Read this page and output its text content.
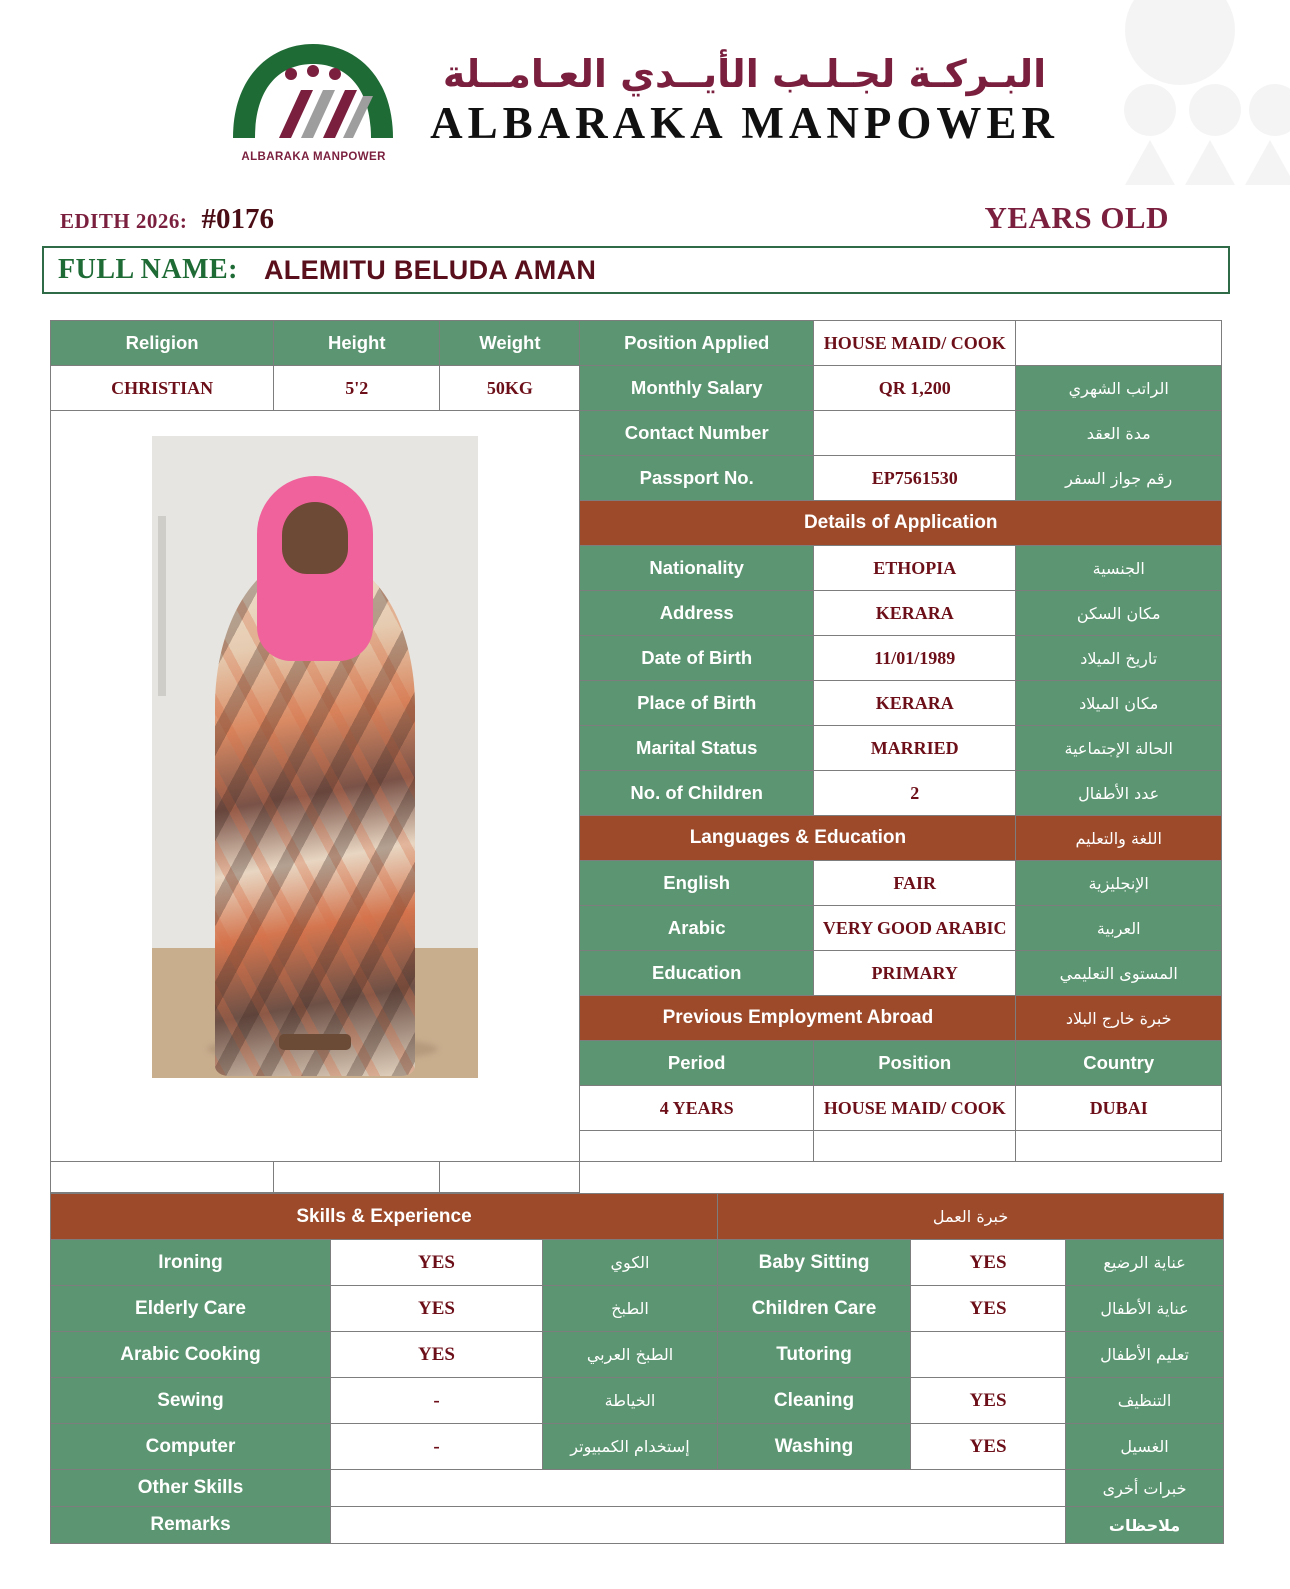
ALBARAKA MANPOWER
البـركـة لجـلـب الأيــدي العـامــلة
ALBARAKA MANPOWER
EDITH 2026: #0176	YEARS OLD
FULL NAME: ALEMITU BELUDA AMAN
Religion	Height	Weight	Position Applied	HOUSE MAID/ COOK	
CHRISTIAN	5'2	50KG	Monthly Salary	QR 1,200	الراتب الشهري

			Contact Number		مدة العقد
			Passport No.	EP7561530	رقم جواز السفر
			Details of Application		
			Nationality	ETHOPIA	الجنسية
			Address	KERARA	مكان السكن
			Date of Birth	11/01/1989	تاريخ الميلاد
			Place of Birth	KERARA	مكان الميلاد
			Marital Status	MARRIED	الحالة الإجتماعية
			No. of Children	2	عدد الأطفال
			Languages & Education		اللغة والتعليم
			English	FAIR	الإنجليزية
			Arabic	VERY GOOD ARABIC	العربية
			Education	PRIMARY	المستوى التعليمي
			Previous Employment Abroad		خبرة خارج البلاد
			Period	Position	Country
			4 YEARS	HOUSE MAID/ COOK	DUBAI

Skills & Experience			خبرة العمل		
Ironing	YES	الكوي	Baby Sitting	YES	عناية الرضيع
Elderly Care	YES	الطبخ	Children Care	YES	عناية الأطفال
Arabic Cooking	YES	الطبخ العربي	Tutoring		تعليم الأطفال
Sewing	-	الخياطة	Cleaning	YES	التنظيف
Computer	-	إستخدام الكمبيوتر	Washing	YES	الغسيل
Other Skills					خبرات أخرى
Remarks					ملاحظات
